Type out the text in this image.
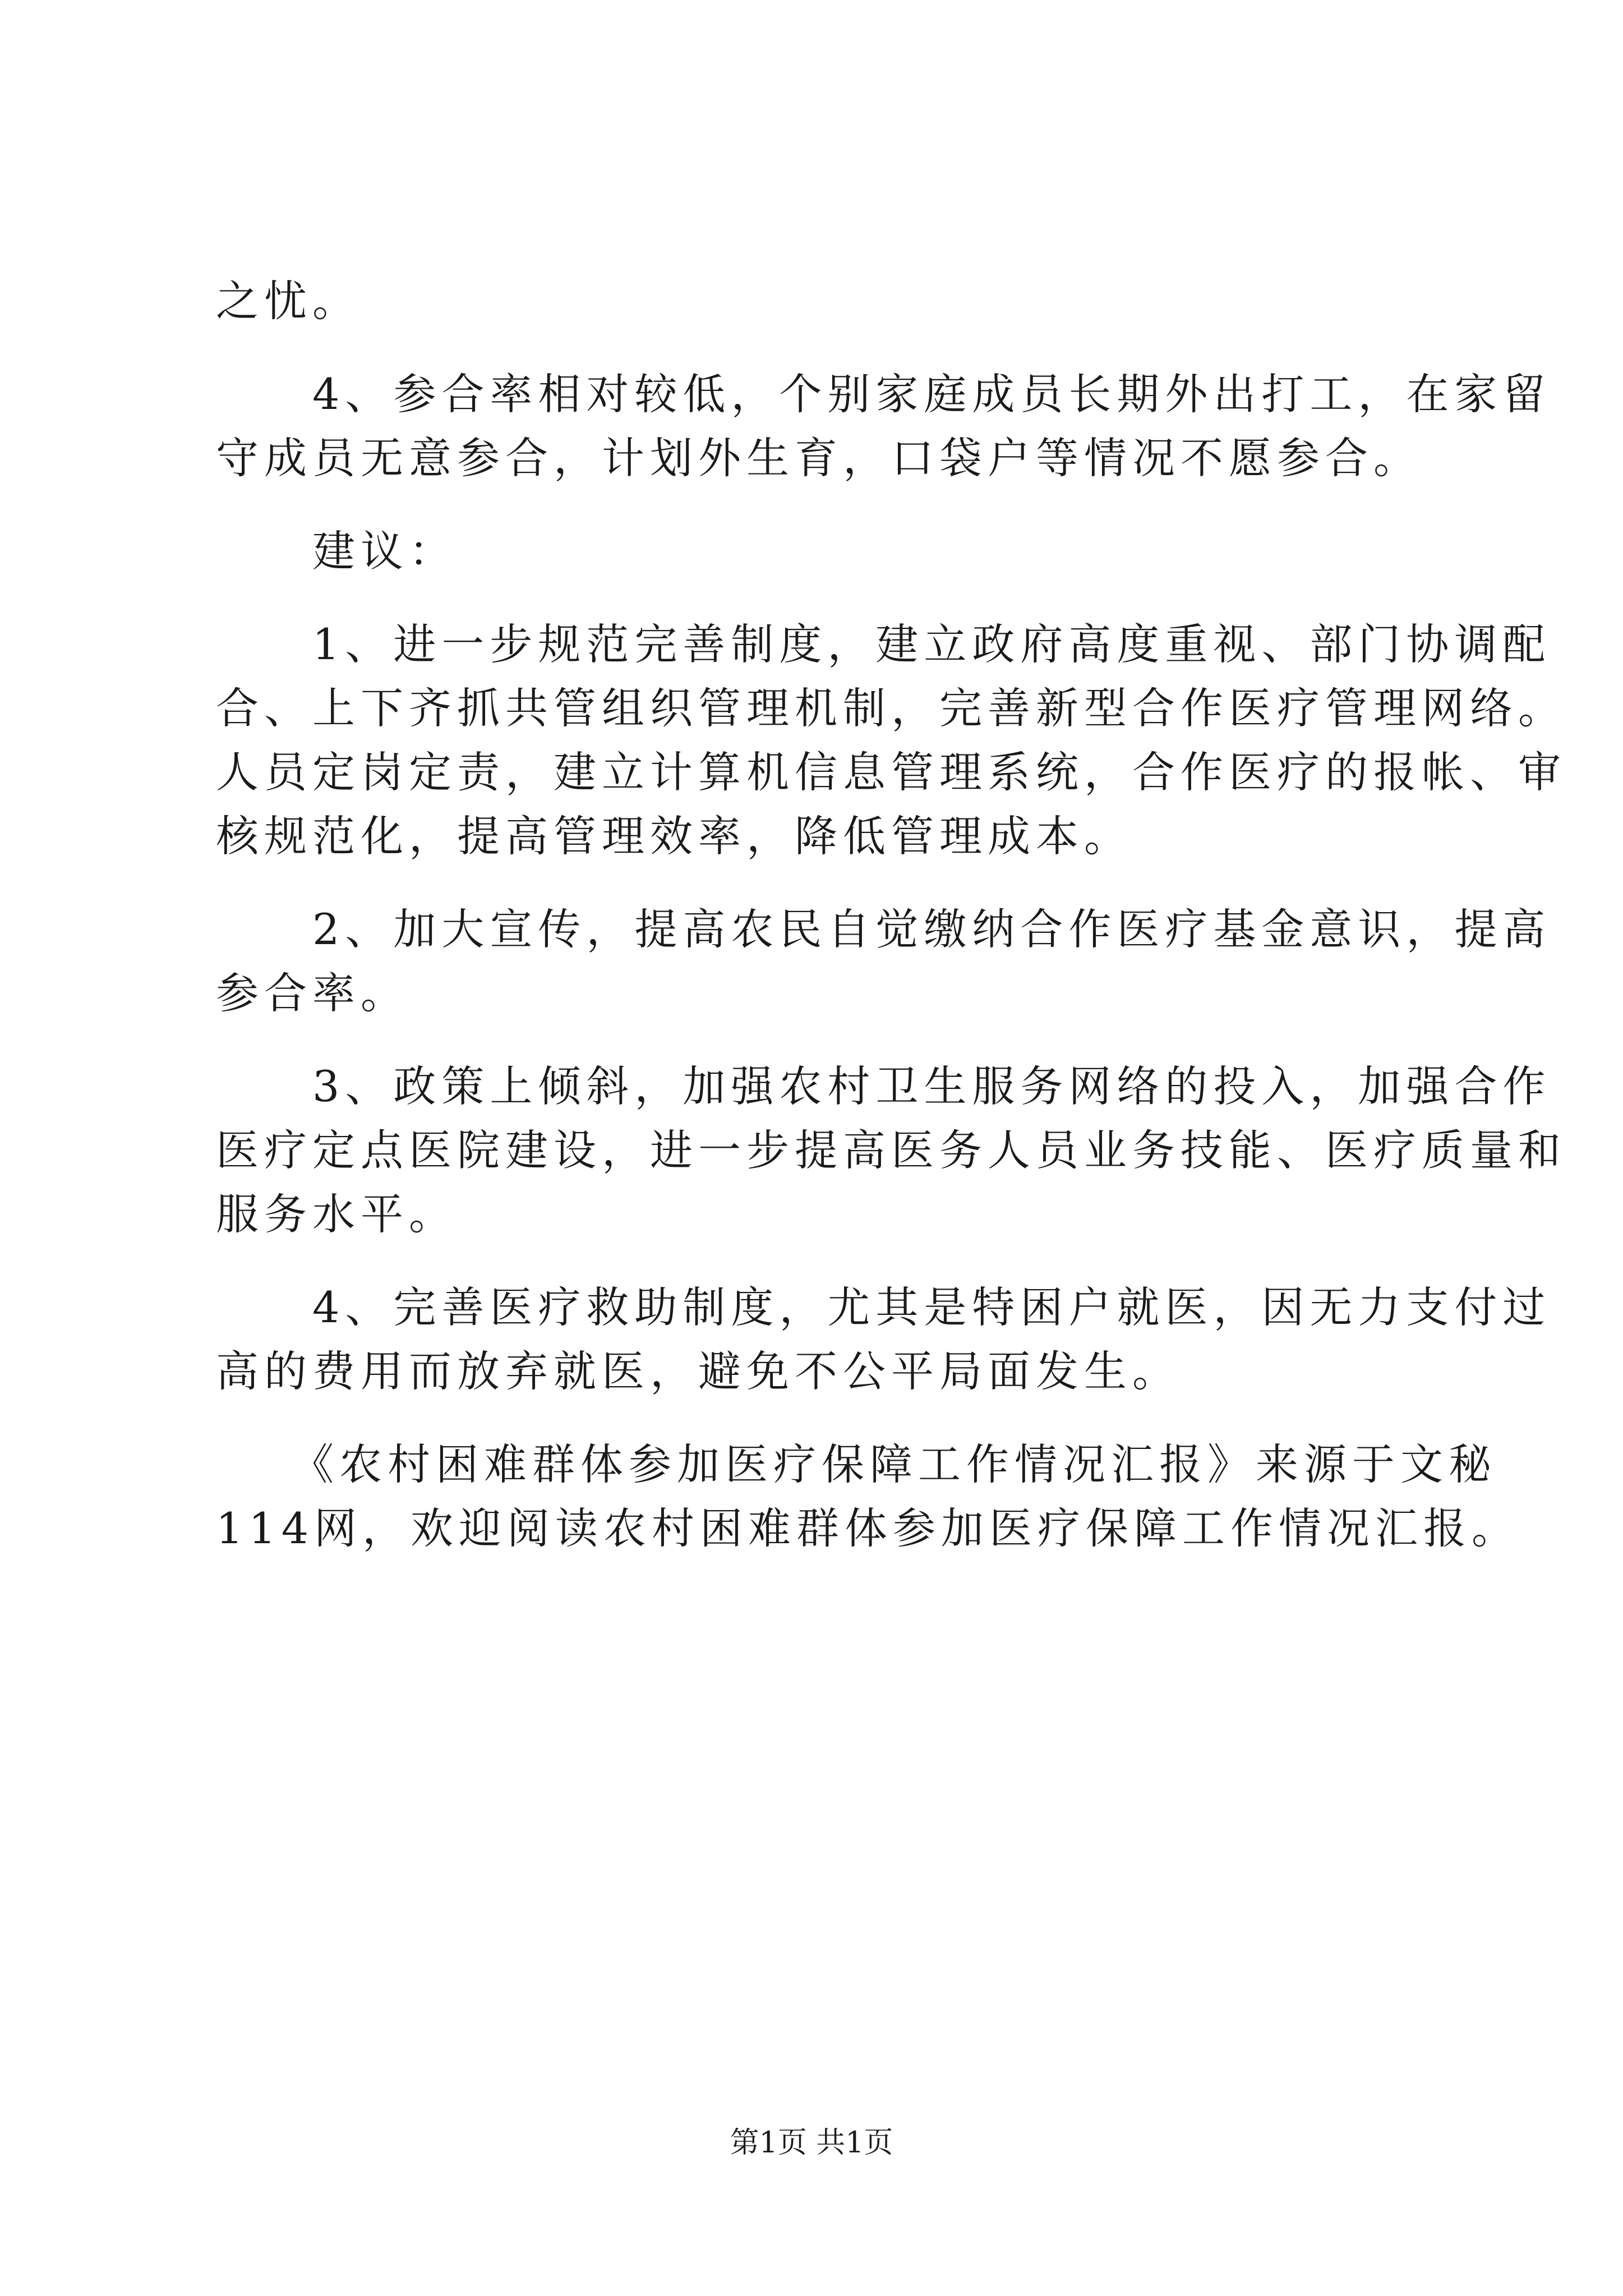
之忧。
　　4、参合率相对较低，个别家庭成员长期外出打工，在家留
守成员无意参合，计划外生育，口袋户等情况不愿参合。
　　建议：
　　1、进一步规范完善制度，建立政府高度重视、部门协调配
合、上下齐抓共管组织管理机制，完善新型合作医疗管理网络。
人员定岗定责，建立计算机信息管理系统，合作医疗的报帐、审
核规范化，提高管理效率，降低管理成本。
　　2、加大宣传，提高农民自觉缴纳合作医疗基金意识，提高
参合率。
　　3、政策上倾斜，加强农村卫生服务网络的投入，加强合作
医疗定点医院建设，进一步提高医务人员业务技能、医疗质量和
服务水平。
　　4、完善医疗救助制度，尤其是特困户就医，因无力支付过
高的费用而放弃就医，避免不公平局面发生。
　　《农村困难群体参加医疗保障工作情况汇报》来源于文秘
114网，欢迎阅读农村困难群体参加医疗保障工作情况汇报。
第1页 共1页
